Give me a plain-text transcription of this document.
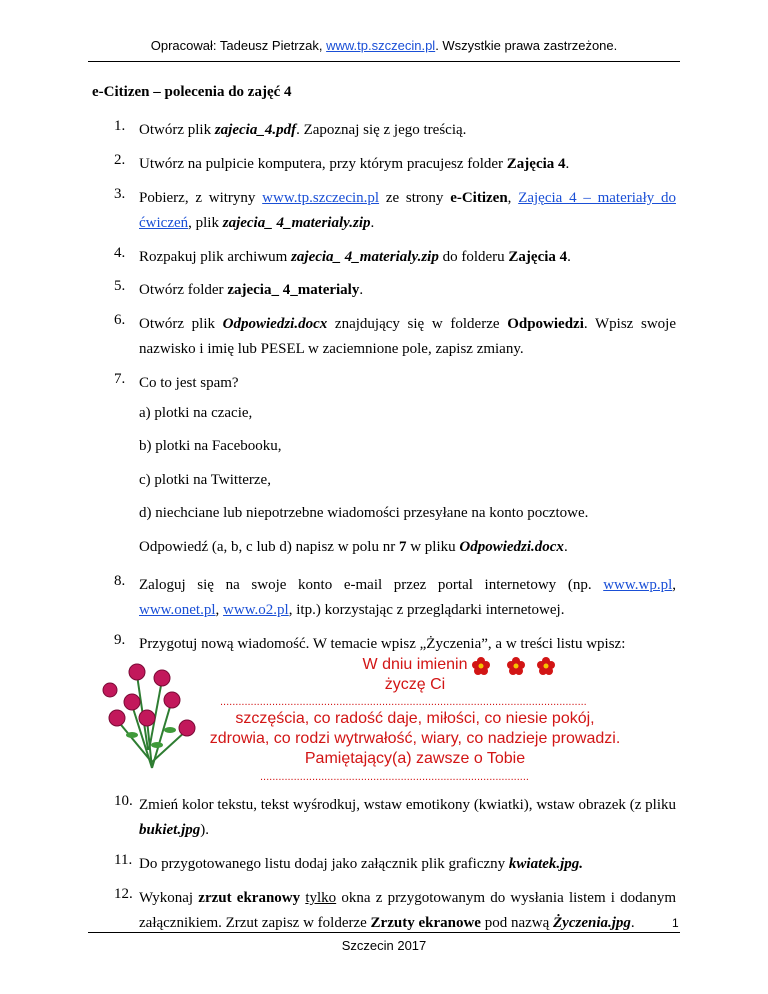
Opracował: Tadeusz Pietrzak, www.tp.szczecin.pl. Wszystkie prawa zastrzeżone.
e-Citizen – polecenia do zajęć 4
1. Otwórz plik zajecia_4.pdf. Zapoznaj się z jego treścią.
2. Utwórz na pulpicie komputera, przy którym pracujesz folder Zajęcia 4.
3. Pobierz, z witryny www.tp.szczecin.pl ze strony e-Citizen, Zajęcia 4 – materiały do ćwiczeń, plik zajecia_ 4_materialy.zip.
4. Rozpakuj plik archiwum zajecia_ 4_materialy.zip do folderu Zajęcia 4.
5. Otwórz folder zajecia_ 4_materialy.
6. Otwórz plik Odpowiedzi.docx znajdujący się w folderze Odpowiedzi. Wpisz swoje nazwisko i imię lub PESEL w zaciemnione pole, zapisz zmiany.
7. Co to jest spam?
a) plotki na czacie,
b) plotki na Facebooku,
c) plotki na Twitterze,
d) niechciane lub niepotrzebne wiadomości przesyłane na konto pocztowe.
Odpowiedź (a, b, c lub d) napisz w polu nr 7 w pliku Odpowiedzi.docx.
8. Zaloguj się na swoje konto e-mail przez portal internetowy (np. www.wp.pl, www.onet.pl, www.o2.pl, itp.) korzystając z przeglądarki internetowej.
9. Przygotuj nową wiadomość. W temacie wpisz „Życzenia”, a w treści listu wpisz:
W dniu imienin
życzę Ci
........................................................................................................................
szczęścia, co radość daje, miłości, co niesie pokój,
zdrowia, co rodzi wytrwałość, wiary, co nadzieje prowadzi.
Pamiętający(a) zawsze o Tobie
........................................................................................
10. Zmień kolor tekstu, tekst wyśrodkuj, wstaw emotikony (kwiatki), wstaw obrazek (z pliku bukiet.jpg).
11. Do przygotowanego listu dodaj jako załącznik plik graficzny kwiatek.jpg.
12. Wykonaj zrzut ekranowy tylko okna z przygotowanym do wysłania listem i dodanym załącznikiem. Zrzut zapisz w folderze Zrzuty ekranowe pod nazwą Życzenia.jpg.	1
Szczecin 2017
